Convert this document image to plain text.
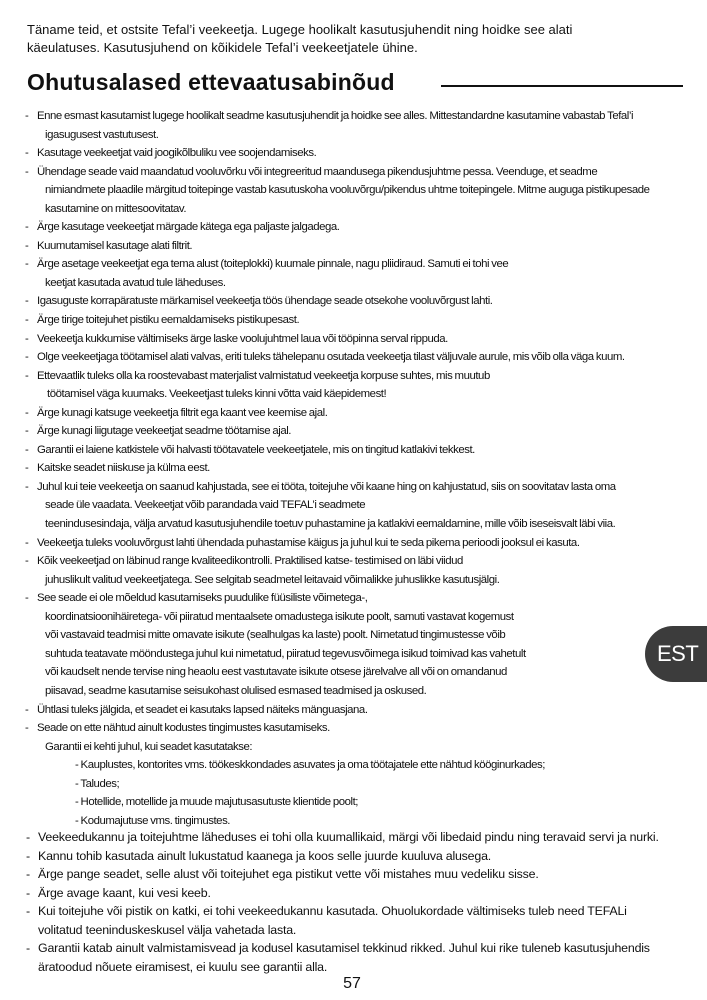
Täname teid, et ostsite Tefal’i veekeetja. Lugege hoolikalt kasutusjuhendit ning hoidke see alati
käeulatuses. Kasutusjuhend on kõikidele Tefal’i veekeetjatele ühine.

Ohutusalased ettevaatusabinõud
- Enne esmast kasutamist lugege hoolikalt seadme kasutusjuhendit ja hoidke see alles. Mittestandardne kasutamine vabastab Tefal’i
igasugusest vastutusest.
- Kasutage veekeetjat vaid joogikõlbuliku vee soojendamiseks.
- Ühendage seade vaid maandatud vooluvõrku või integreeritud maandusega pikendusjuhtme pessa. Veenduge, et seadme
nimiandmete plaadile märgitud toitepinge vastab kasutuskoha vooluvõrgu/pikendus uhtme toitepingele. Mitme auguga pistikupesade
kasutamine on mittesoovitatav.
- Ärge kasutage veekeetjat märgade kätega ega paljaste jalgadega.
- Kuumutamisel kasutage alati filtrit.
- Ärge asetage veekeetjat ega tema alust (toiteplokki) kuumale pinnale, nagu pliidiraud. Samuti ei tohi vee
keetjat kasutada avatud tule läheduses.
- Igasuguste korrapäratuste märkamisel veekeetja töös ühendage seade otsekohe vooluvõrgust lahti.
- Ärge tirige toitejuhet pistiku eemaldamiseks pistikupesast.
- Veekeetja kukkumise vältimiseks ärge laske voolujuhtmel laua või tööpinna serval rippuda.
- Olge veekeetjaga töötamisel alati valvas, eriti tuleks tähelepanu osutada veekeetja tilast väljuvale aurule, mis võib olla väga kuum.
- Ettevaatlik tuleks olla ka roostevabast materjalist valmistatud veekeetja korpuse suhtes, mis muutub
töötamisel väga kuumaks. Veekeetjast tuleks kinni võtta vaid käepidemest!
- Ärge kunagi katsuge veekeetja filtrit ega kaant vee keemise ajal.
- Ärge kunagi liigutage veekeetjat seadme töötamise ajal.
- Garantii ei laiene katkistele või halvasti töötavatele veekeetjatele, mis on tingitud katlakivi tekkest.
- Kaitske seadet niiskuse ja külma eest.
- Juhul kui teie veekeetja on saanud kahjustada, see ei tööta, toitejuhe või kaane hing on kahjustatud, siis on soovitatav lasta oma
seade üle vaadata. Veekeetjat võib parandada vaid TEFAL’i seadmete
teenindusesindaja, välja arvatud kasutusjuhendile toetuv puhastamine ja katlakivi eemaldamine, mille võib iseseisvalt läbi viia.
- Veekeetja tuleks vooluvõrgust lahti ühendada puhastamise käigus ja juhul kui te seda pikema perioodi jooksul ei kasuta.
- Kõik veekeetjad on läbinud range kvaliteedikontrolli. Praktilised katse- testimised on läbi viidud
juhuslikult valitud veekeetjatega. See selgitab seadmetel leitavaid võimalikke juhuslikke kasutusjälgi.
- See seade ei ole mõeldud kasutamiseks puudulike füüsiliste võimetega-,
koordinatsioonihäiretega- või piiratud mentaalsete omadustega isikute poolt, samuti vastavat kogemust
või vastavaid teadmisi mitte omavate isikute (sealhulgas ka laste) poolt. Nimetatud tingimustesse võib
suhtuda teatavate mööndustega juhul kui nimetatud, piiratud tegevusvõimega isikud toimivad kas vahetult
või kaudselt nende tervise ning heaolu eest vastutavate isikute otsese järelvalve all või on omandanud
piisavad, seadme kasutamise seisukohast olulised esmased teadmised ja oskused.
- Ühtlasi tuleks jälgida, et seadet ei kasutaks lapsed näiteks mänguasjana.
- Seade on ette nähtud ainult kodustes tingimustes kasutamiseks.
Garantii ei kehti juhul, kui seadet kasutatakse:
- Kauplustes, kontorites vms. töökeskkondades asuvates ja oma töötajatele ette nähtud kööginurkades;
- Taludes;
- Hotellide, motellide ja muude majutusasutuste klientide poolt;
- Kodumajutuse vms. tingimustes.
- Veekeedukannu ja toitejuhtme läheduses ei tohi olla kuumallikaid, märgi või libedaid pindu ning teravaid servi ja nurki.
- Kannu tohib kasutada ainult lukustatud kaanega ja koos selle juurde kuuluva alusega.
- Ärge pange seadet, selle alust või toitejuhet ega pistikut vette või mistahes muu vedeliku sisse.
- Ärge avage kaant, kui vesi keeb.
- Kui toitejuhe või pistik on katki, ei tohi veekeedukannu kasutada. Ohuolukordade vältimiseks tuleb need TEFALi
volitatud teeninduskeskusel välja vahetada lasta.
- Garantii katab ainult valmistamisvead ja kodusel kasutamisel tekkinud rikked. Juhul kui rike tuleneb kasutusjuhendis
äratoodud nõuete eiramisest, ei kuulu see garantii alla.
EST
57
